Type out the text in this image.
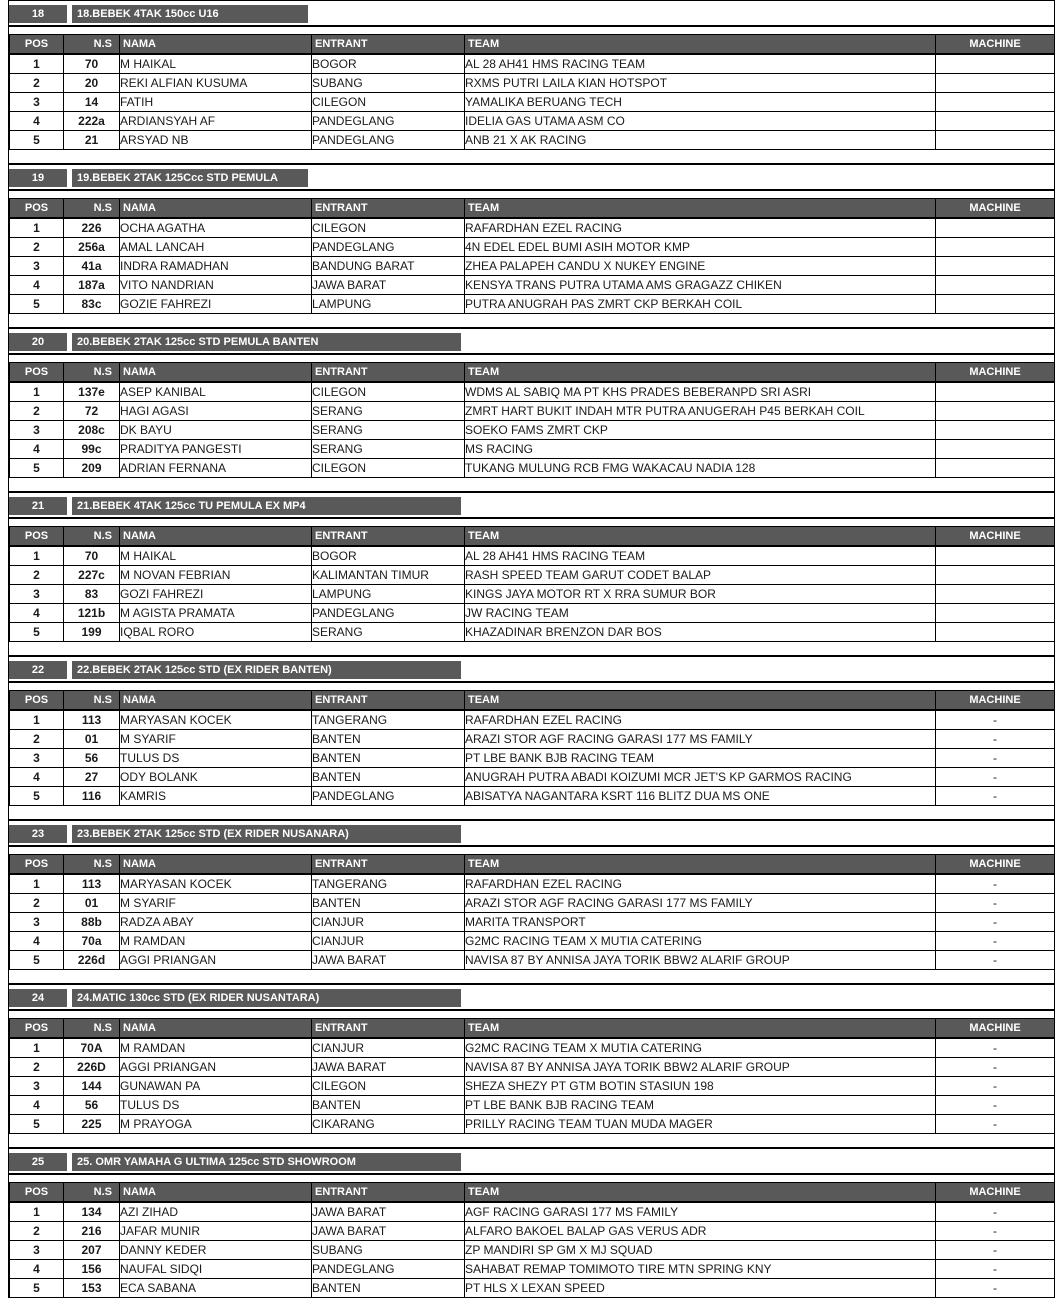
18	18.BEBEK 4TAK 150cc U16
POS	N.S	NAMA	ENTRANT	TEAM	MACHINE
1	70	M HAIKAL	BOGOR	AL 28 AH41 HMS RACING TEAM	
2	20	REKI ALFIAN KUSUMA	SUBANG	RXMS PUTRI LAILA KIAN HOTSPOT	
3	14	FATIH	CILEGON	YAMALIKA BERUANG TECH	
4	222a	ARDIANSYAH AF	PANDEGLANG	IDELIA GAS UTAMA ASM CO	
5	21	ARSYAD NB	PANDEGLANG	ANB 21 X AK RACING	
19	19.BEBEK 2TAK 125Ccc STD PEMULA
POS	N.S	NAMA	ENTRANT	TEAM	MACHINE
1	226	OCHA AGATHA	CILEGON	RAFARDHAN EZEL RACING	
2	256a	AMAL LANCAH	PANDEGLANG	4N EDEL EDEL BUMI ASIH MOTOR KMP	
3	41a	INDRA RAMADHAN	BANDUNG BARAT	ZHEA PALAPEH CANDU X NUKEY ENGINE	
4	187a	VITO NANDRIAN	JAWA BARAT	KENSYA TRANS PUTRA UTAMA AMS GRAGAZZ CHIKEN	
5	83c	GOZIE FAHREZI	LAMPUNG	PUTRA ANUGRAH PAS ZMRT CKP BERKAH COIL	
20	20.BEBEK 2TAK 125cc STD PEMULA BANTEN
POS	N.S	NAMA	ENTRANT	TEAM	MACHINE
1	137e	ASEP KANIBAL	CILEGON	WDMS AL SABIQ MA PT KHS PRADES BEBERANPD SRI ASRI	
2	72	HAGI AGASI	SERANG	ZMRT HART BUKIT INDAH MTR PUTRA ANUGERAH P45 BERKAH COIL	
3	208c	DK BAYU	SERANG	SOEKO FAMS ZMRT CKP	
4	99c	PRADITYA PANGESTI	SERANG	MS RACING	
5	209	ADRIAN FERNANA	CILEGON	TUKANG MULUNG RCB FMG WAKACAU NADIA 128	
21	21.BEBEK 4TAK 125cc TU PEMULA EX MP4
POS	N.S	NAMA	ENTRANT	TEAM	MACHINE
1	70	M HAIKAL	BOGOR	AL 28 AH41 HMS RACING TEAM	
2	227c	M NOVAN FEBRIAN	KALIMANTAN TIMUR	RASH SPEED TEAM GARUT CODET BALAP	
3	83	GOZI FAHREZI	LAMPUNG	KINGS JAYA MOTOR RT X RRA SUMUR BOR	
4	121b	M AGISTA PRAMATA	PANDEGLANG	JW RACING TEAM	
5	199	IQBAL RORO	SERANG	KHAZADINAR BRENZON DAR BOS	
22	22.BEBEK 2TAK 125cc STD (EX RIDER BANTEN)
POS	N.S	NAMA	ENTRANT	TEAM	MACHINE
1	113	MARYASAN KOCEK	TANGERANG	RAFARDHAN EZEL RACING	-
2	01	M SYARIF	BANTEN	ARAZI STOR AGF RACING GARASI 177 MS FAMILY	-
3	56	TULUS DS	BANTEN	PT LBE BANK BJB RACING TEAM	-
4	27	ODY BOLANK	BANTEN	ANUGRAH PUTRA ABADI KOIZUMI MCR JET'S KP GARMOS RACING	-
5	116	KAMRIS	PANDEGLANG	ABISATYA NAGANTARA KSRT 116 BLITZ DUA MS ONE	-
23	23.BEBEK 2TAK 125cc STD (EX RIDER NUSANARA)
POS	N.S	NAMA	ENTRANT	TEAM	MACHINE
1	113	MARYASAN KOCEK	TANGERANG	RAFARDHAN EZEL RACING	-
2	01	M SYARIF	BANTEN	ARAZI STOR AGF RACING GARASI 177 MS FAMILY	-
3	88b	RADZA ABAY	CIANJUR	MARITA TRANSPORT	-
4	70a	M RAMDAN	CIANJUR	G2MC RACING TEAM X MUTIA CATERING	-
5	226d	AGGI PRIANGAN	JAWA BARAT	NAVISA 87 BY ANNISA JAYA TORIK BBW2 ALARIF GROUP	-
24	24.MATIC 130cc STD (EX RIDER NUSANTARA)
POS	N.S	NAMA	ENTRANT	TEAM	MACHINE
1	70A	M RAMDAN	CIANJUR	G2MC RACING TEAM X MUTIA CATERING	-
2	226D	AGGI PRIANGAN	JAWA BARAT	NAVISA 87 BY ANNISA JAYA TORIK BBW2 ALARIF GROUP	-
3	144	GUNAWAN PA	CILEGON	SHEZA SHEZY PT GTM BOTIN STASIUN 198	-
4	56	TULUS DS	BANTEN	PT LBE BANK BJB RACING TEAM	-
5	225	M PRAYOGA	CIKARANG	PRILLY RACING TEAM TUAN MUDA MAGER	-
25	25. OMR YAMAHA G ULTIMA 125cc STD SHOWROOM
POS	N.S	NAMA	ENTRANT	TEAM	MACHINE
1	134	AZI ZIHAD	JAWA BARAT	AGF RACING GARASI 177 MS FAMILY	-
2	216	JAFAR MUNIR	JAWA BARAT	ALFARO BAKOEL BALAP GAS VERUS ADR	-
3	207	DANNY KEDER	SUBANG	ZP MANDIRI SP GM X MJ SQUAD	-
4	156	NAUFAL SIDQI	PANDEGLANG	SAHABAT REMAP TOMIMOTO TIRE MTN SPRING KNY	-
5	153	ECA SABANA	BANTEN	PT HLS X LEXAN SPEED	-
